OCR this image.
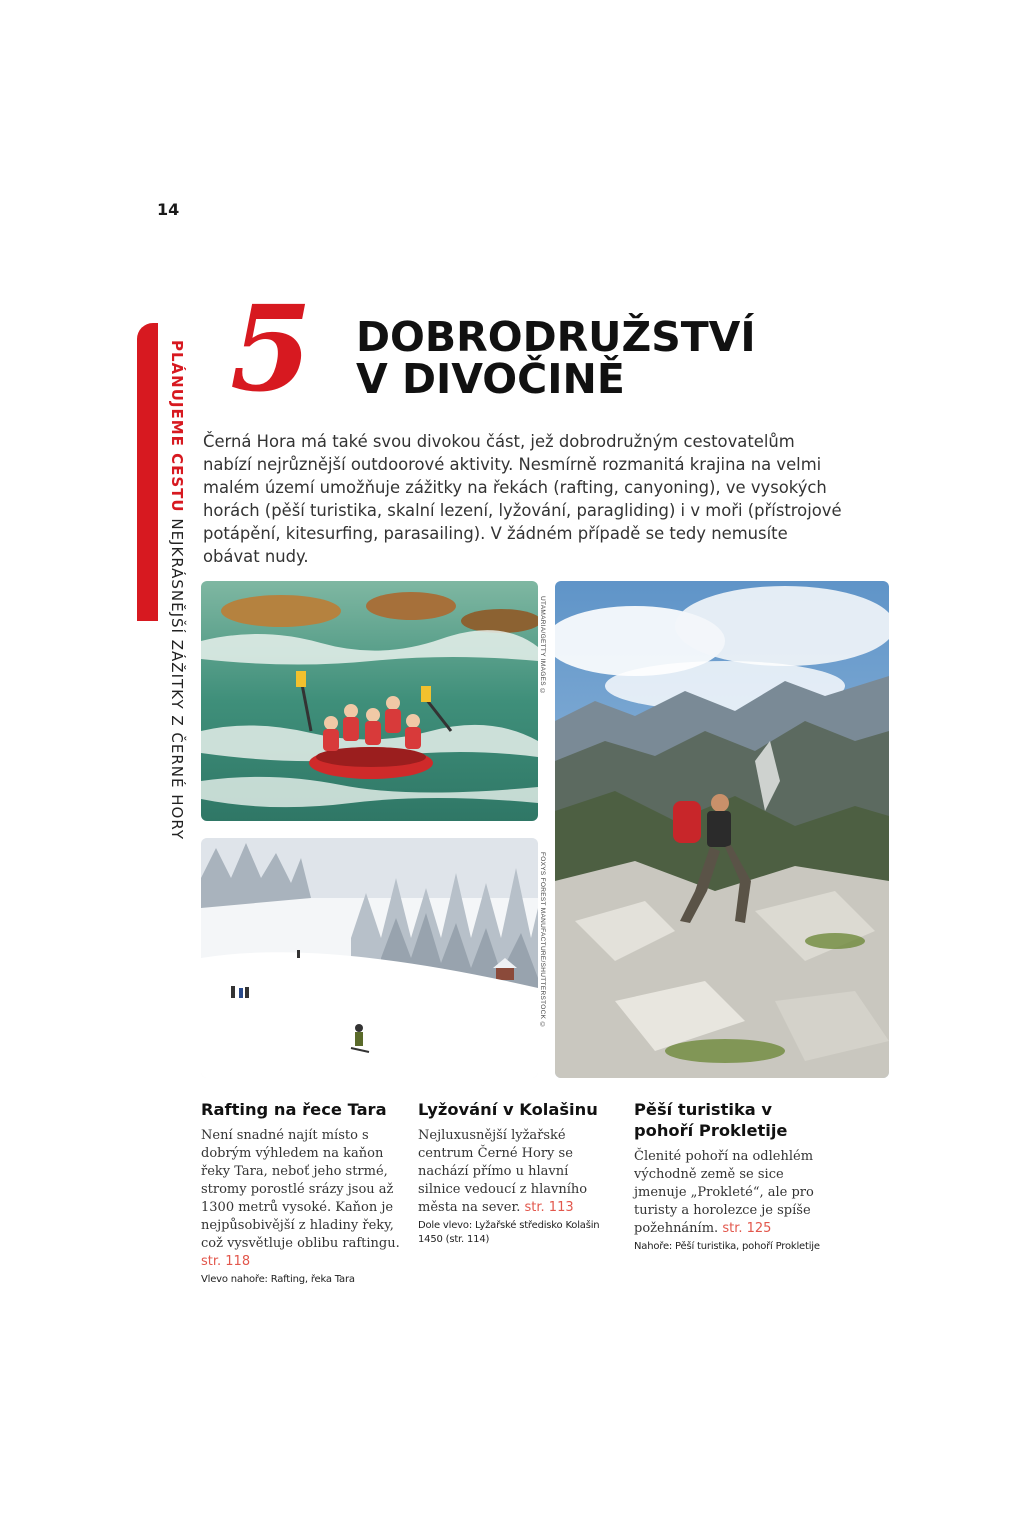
14
PLÁNUJEME CESTU NEJKRÁSNĚJŠÍ ZÁŽITKY Z ČERNÉ HORY
5 DOBRODRUŽSTVÍ
V DIVOČINĚ

Černá Hora má také svou divokou část, jež dobrodružným cestovatelům nabízí nejrůznější outdoorové aktivity. Nesmírně rozmanitá krajina na velmi malém území umožňuje zážitky na řekách (rafting, canyoning), ve vysokých horách (pěší turistika, skalní lezení, lyžování, paragliding) i v moři (přístrojové potápění, kitesurfing, parasailing). V žádném případě se tedy nemusíte obávat nudy.

UTAMARIA/GETTY IMAGES ©
FOXYS FOREST MANUFACTURE/SHUTTERSTOCK ©
Rafting na řece Tara

Není snadné najít místo s dobrým výhledem na kaňon řeky Tara, neboť jeho strmé, stromy porostlé srázy jsou až 1300 metrů vysoké. Kaňon je nejpůsobivější z hladiny řeky, což vysvětluje oblibu raftingu. str. 118
Vlevo nahoře: Rafting, řeka Tara

Lyžování v Kolašinu

Nejluxusnější lyžařské centrum Černé Hory se nachází přímo u hlavní silnice vedoucí z hlavního města na sever. str. 113
Dole vlevo: Lyžařské středisko Kolašin 1450 (str. 114)

Pěší turistika v pohoří Prokletije

Členité pohoří na odlehlém východně země se sice jmenuje „Prokleté“, ale pro turisty a horolezce je spíše požehnáním. str. 125
Nahoře: Pěší turistika, pohoří Prokletije
